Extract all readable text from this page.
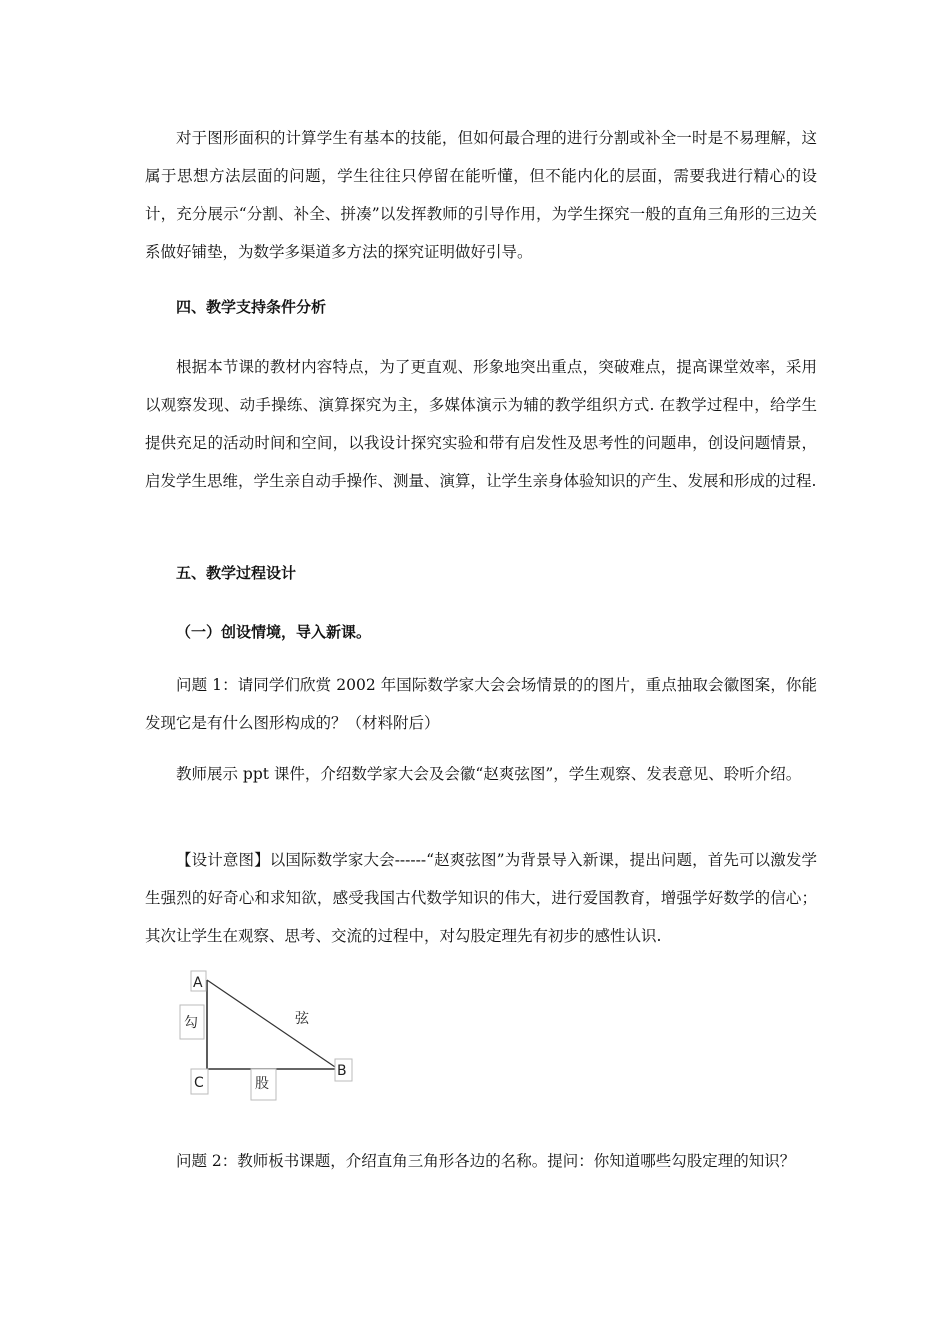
对于图形面积的计算学生有基本的技能，但如何最合理的进行分割或补全一时是不易理解，这属于思想方法层面的问题，学生往往只停留在能听懂，但不能内化的层面，需要我进行精心的设计，充分展示“分割、补全、拼凑”以发挥教师的引导作用，为学生探究一般的直角三角形的三边关系做好铺垫，为数学多渠道多方法的探究证明做好引导。

四、教学支持条件分析

根据本节课的教材内容特点，为了更直观、形象地突出重点，突破难点，提高课堂效率，采用以观察发现、动手操练、演算探究为主，多媒体演示为辅的教学组织方式. 在教学过程中，给学生提供充足的活动时间和空间，以我设计探究实验和带有启发性及思考性的问题串，创设问题情景，启发学生思维，学生亲自动手操作、测量、演算，让学生亲身体验知识的产生、发展和形成的过程.

五、教学过程设计
（一）创设情境，导入新课。

问题 1：请同学们欣赏 2002 年国际数学家大会会场情景的的图片，重点抽取会徽图案，你能发现它是有什么图形构成的？（材料附后）

教师展示 ppt 课件，介绍数学家大会及会徽“赵爽弦图”，学生观察、发表意见、聆听介绍。

【设计意图】以国际数学家大会------“赵爽弦图”为背景导入新课，提出问题，首先可以激发学生强烈的好奇心和求知欲，感受我国古代数学知识的伟大，进行爱国教育，增强学好数学的信心；其次让学生在观察、思考、交流的过程中，对勾股定理先有初步的感性认识.

A
勾	弦
C	股
B

问题 2：教师板书课题，介绍直角三角形各边的名称。提问：你知道哪些勾股定理的知识？
